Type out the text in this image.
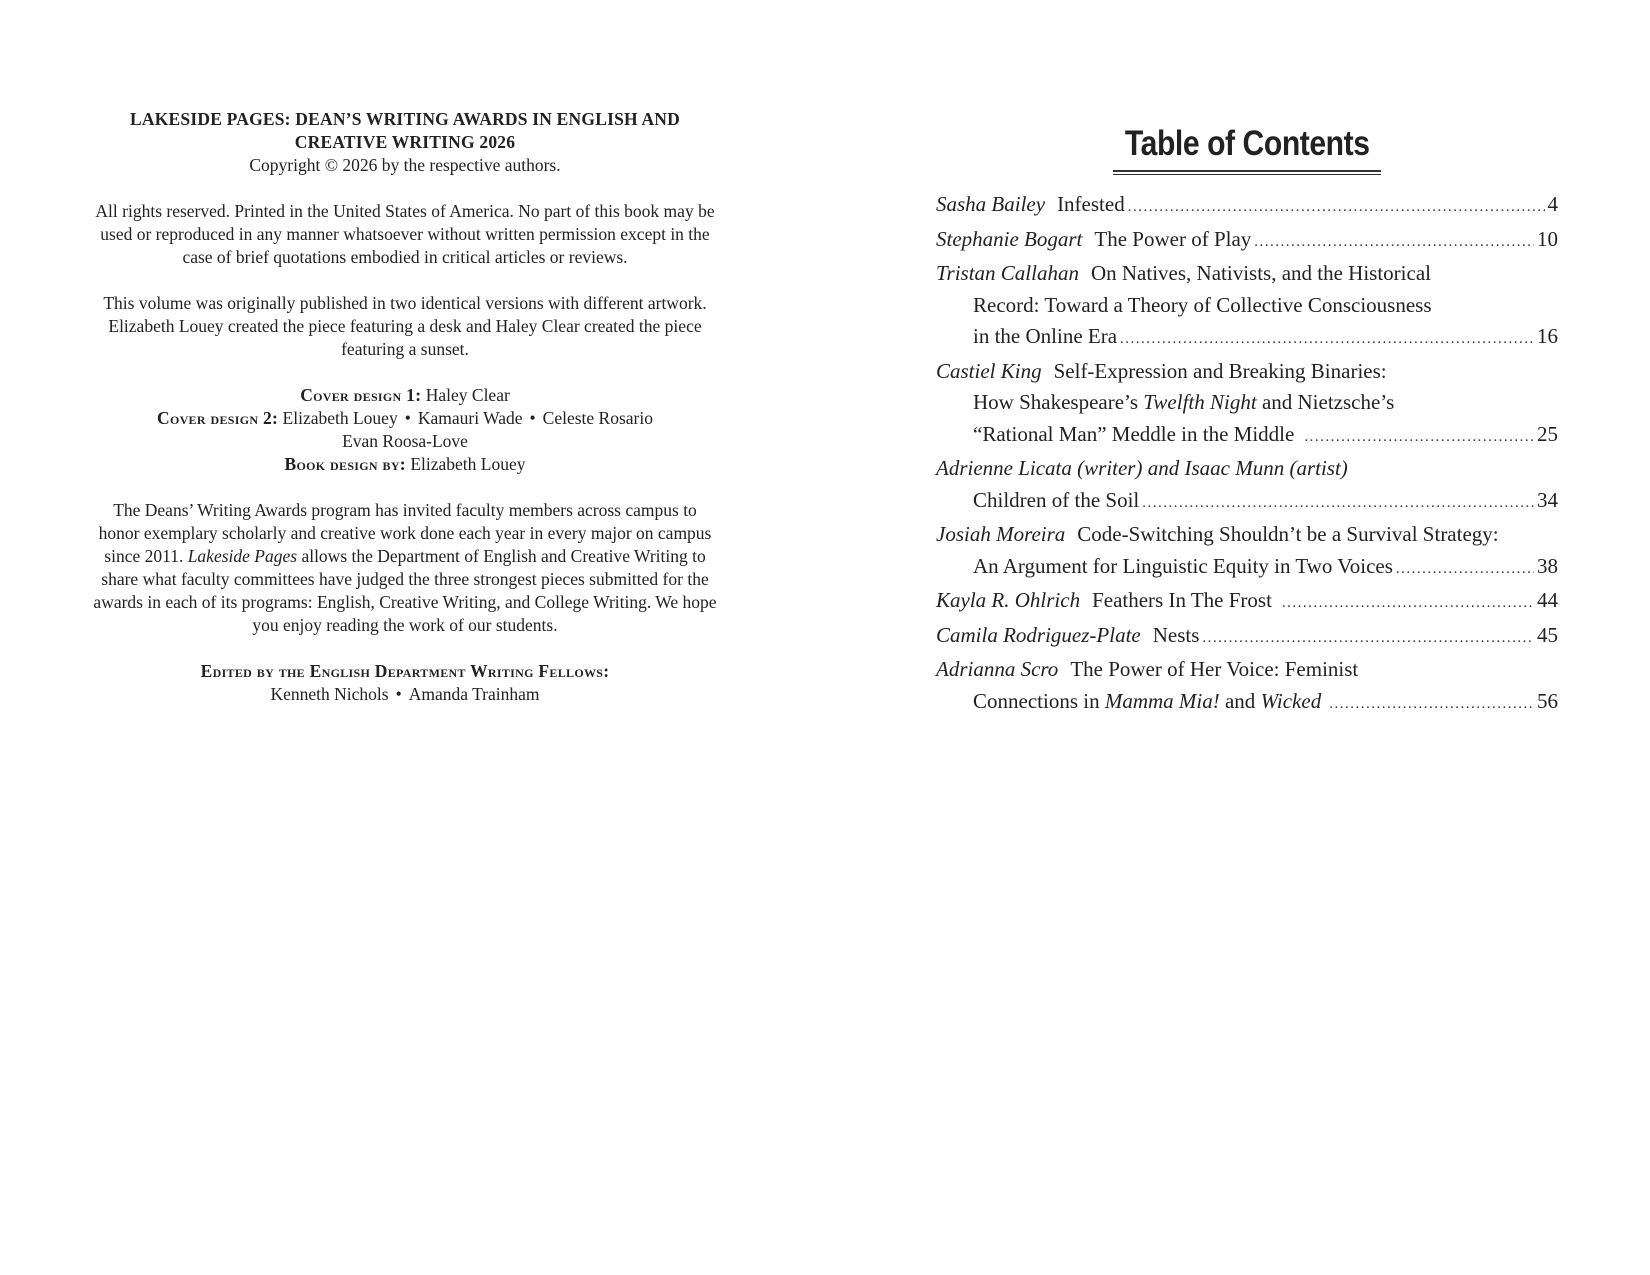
LAKESIDE PAGES: DEAN’S WRITING AWARDS IN ENGLISH AND

CREATIVE WRITING 2026

Copyright © 2026 by the respective authors.

All rights reserved. Printed in the United States of America. No part of this book may be

used or reproduced in any manner whatsoever without written permission except in the

case of brief quotations embodied in critical articles or reviews.

This volume was originally published in two identical versions with different artwork.

Elizabeth Louey created the piece featuring a desk and Haley Clear created the piece

featuring a sunset.

Cover design 1: Haley Clear

Cover design 2: Elizabeth Louey • Kamauri Wade • Celeste Rosario

Evan Roosa-Love

Book design by: Elizabeth Louey

The Deans’ Writing Awards program has invited faculty members across campus to

honor exemplary scholarly and creative work done each year in every major on campus

since 2011. Lakeside Pages allows the Department of English and Creative Writing to

share what faculty committees have judged the three strongest pieces submitted for the

awards in each of its programs: English, Creative Writing, and College Writing. We hope

you enjoy reading the work of our students.

Edited by the English Department Writing Fellows:

Kenneth Nichols • Amanda Trainham

Table of Contents
Sasha Bailey Infested .....	4
Stephanie Bogart The Power of Play .....	10
Tristan Callahan On Natives, Nativists, and the Historical
Record: Toward a Theory of Collective Consciousness
in the Online Era .....	16
Castiel King Self-Expression and Breaking Binaries:
How Shakespeare’s Twelfth Night and Nietzsche’s
“Rational Man” Meddle in the Middle .....	25
Adrienne Licata (writer) and Isaac Munn (artist)
Children of the Soil .....	34
Josiah Moreira Code-Switching Shouldn’t be a Survival Strategy:
An Argument for Linguistic Equity in Two Voices .....	38
Kayla R. Ohlrich Feathers In The Frost .....	44
Camila Rodriguez-Plate Nests .....	45
Adrianna Scro The Power of Her Voice: Feminist
Connections in Mamma Mia! and Wicked .....	56
